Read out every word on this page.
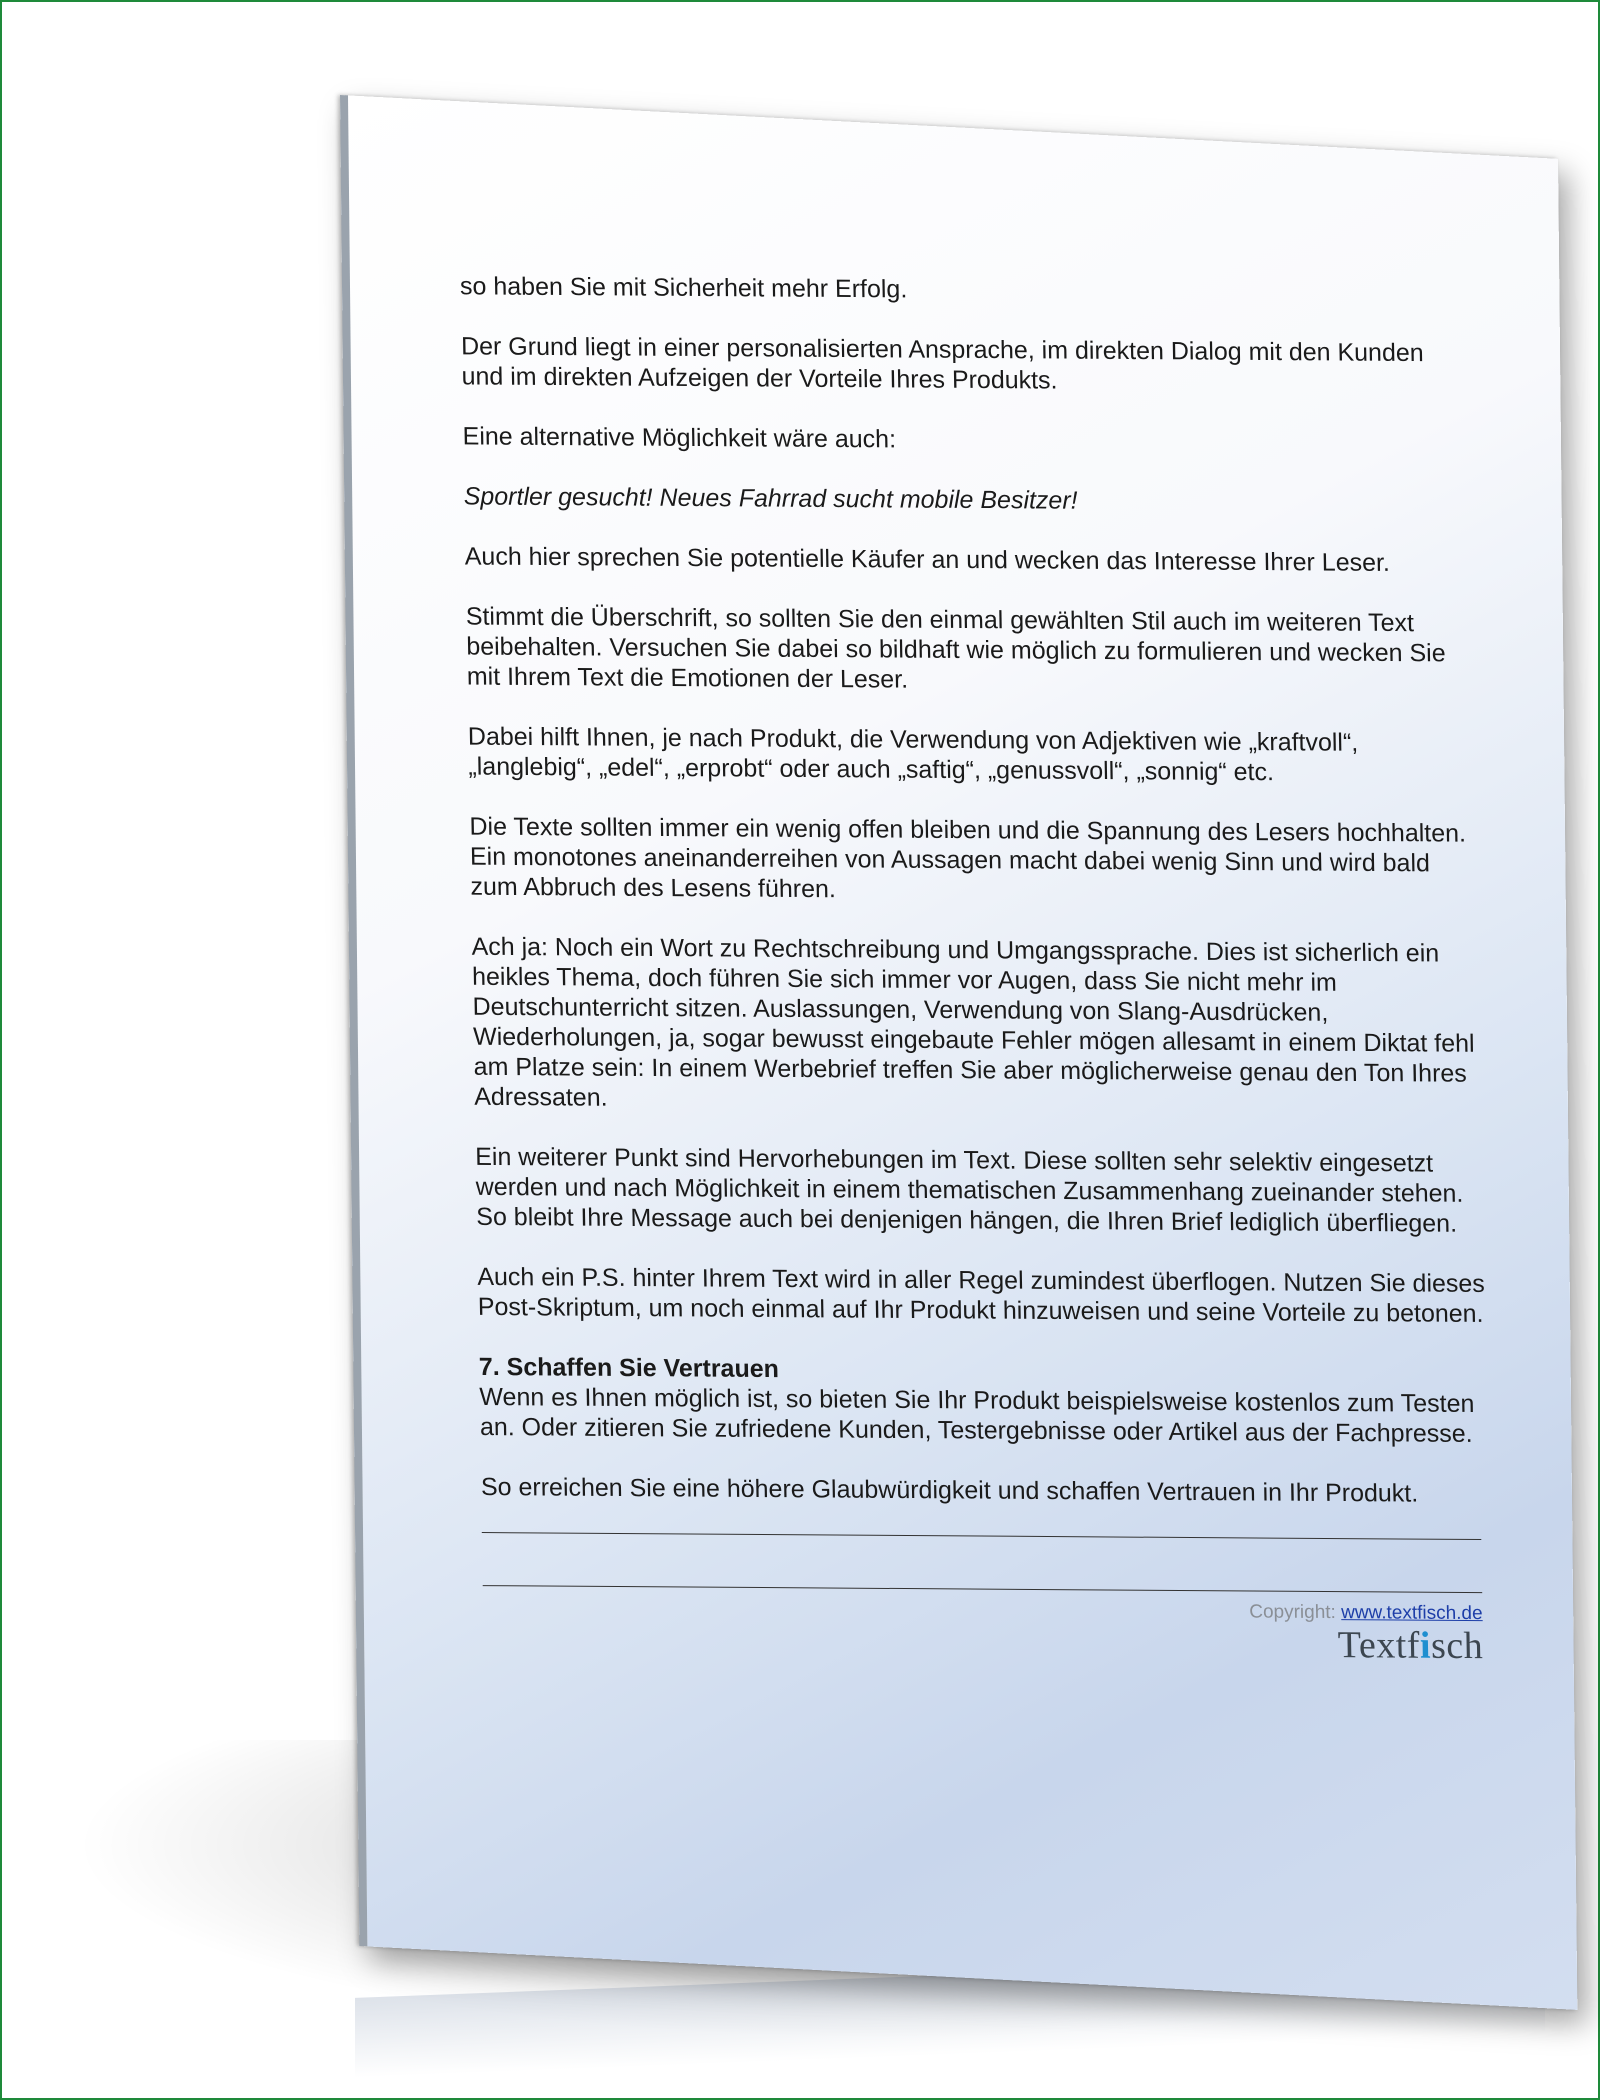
so haben Sie mit Sicherheit mehr Erfolg.

Der Grund liegt in einer personalisierten Ansprache, im direkten Dialog mit den Kunden und im direkten Aufzeigen der Vorteile Ihres Produkts.

Eine alternative Möglichkeit wäre auch:

Sportler gesucht! Neues Fahrrad sucht mobile Besitzer!

Auch hier sprechen Sie potentielle Käufer an und wecken das Interesse Ihrer Leser.

Stimmt die Überschrift, so sollten Sie den einmal gewählten Stil auch im weiteren Text beibehalten. Versuchen Sie dabei so bildhaft wie möglich zu formulieren und wecken Sie mit Ihrem Text die Emotionen der Leser.

Dabei hilft Ihnen, je nach Produkt, die Verwendung von Adjektiven wie „kraftvoll“, „langlebig“, „edel“, „erprobt“ oder auch „saftig“, „genussvoll“, „sonnig“ etc.

Die Texte sollten immer ein wenig offen bleiben und die Spannung des Lesers hochhalten. Ein monotones aneinanderreihen von Aussagen macht dabei wenig Sinn und wird bald zum Abbruch des Lesens führen.

Ach ja: Noch ein Wort zu Rechtschreibung und Umgangssprache. Dies ist sicherlich ein heikles Thema, doch führen Sie sich immer vor Augen, dass Sie nicht mehr im Deutschunterricht sitzen. Auslassungen, Verwendung von Slang-Ausdrücken, Wiederholungen, ja, sogar bewusst eingebaute Fehler mögen allesamt in einem Diktat fehl am Platze sein: In einem Werbebrief treffen Sie aber möglicherweise genau den Ton Ihres Adressaten.

Ein weiterer Punkt sind Hervorhebungen im Text. Diese sollten sehr selektiv eingesetzt werden und nach Möglichkeit in einem thematischen Zusammenhang zueinander stehen. So bleibt Ihre Message auch bei denjenigen hängen, die Ihren Brief lediglich überfliegen.

Auch ein P.S. hinter Ihrem Text wird in aller Regel zumindest überflogen. Nutzen Sie dieses Post-Skriptum, um noch einmal auf Ihr Produkt hinzuweisen und seine Vorteile zu betonen.

7. Schaffen Sie Vertrauen

Wenn es Ihnen möglich ist, so bieten Sie Ihr Produkt beispielsweise kostenlos zum Testen an. Oder zitieren Sie zufriedene Kunden, Testergebnisse oder Artikel aus der Fachpresse.

So erreichen Sie eine höhere Glaubwürdigkeit und schaffen Vertrauen in Ihr Produkt.

Copyright: www.textfisch.de
Textfisch
